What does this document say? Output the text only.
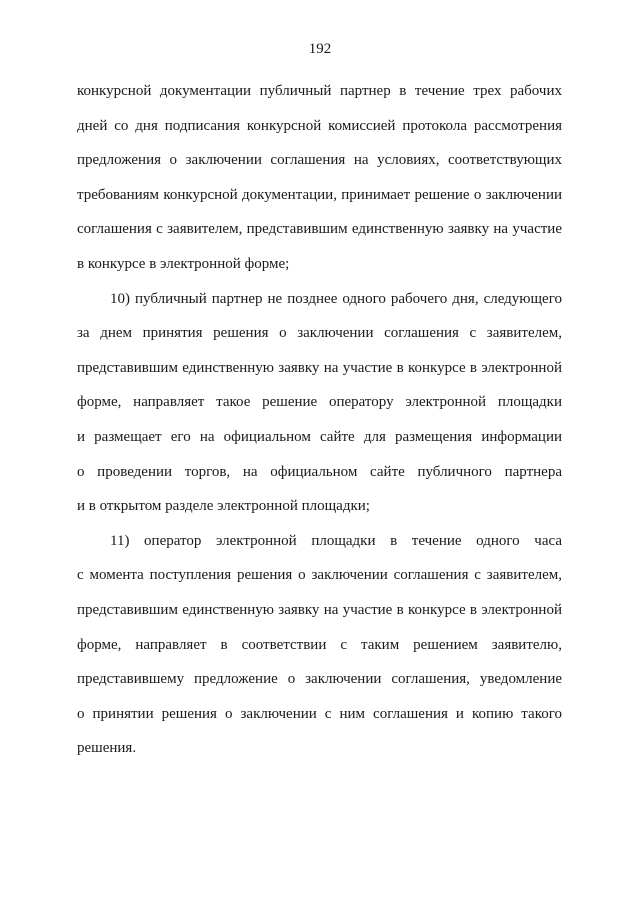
192
конкурсной документации публичный партнер в течение трех рабочих
дней со дня подписания конкурсной комиссией протокола рассмотрения
предложения о заключении соглашения на условиях, соответствующих
требованиям конкурсной документации, принимает решение о заключении
соглашения с заявителем, представившим единственную заявку на участие
в конкурсе в электронной форме;
10) публичный партнер не позднее одного рабочего дня, следующего
за днем принятия решения о заключении соглашения с заявителем,
представившим единственную заявку на участие в конкурсе в электронной
форме, направляет такое решение оператору электронной площадки
и размещает его на официальном сайте для размещения информации
о проведении торгов, на официальном сайте публичного партнера
и в открытом разделе электронной площадки;
11) оператор электронной площадки в течение одного часа
с момента поступления решения о заключении соглашения с заявителем,
представившим единственную заявку на участие в конкурсе в электронной
форме, направляет в соответствии с таким решением заявителю,
представившему предложение о заключении соглашения, уведомление
о принятии решения о заключении с ним соглашения и копию такого
решения.
